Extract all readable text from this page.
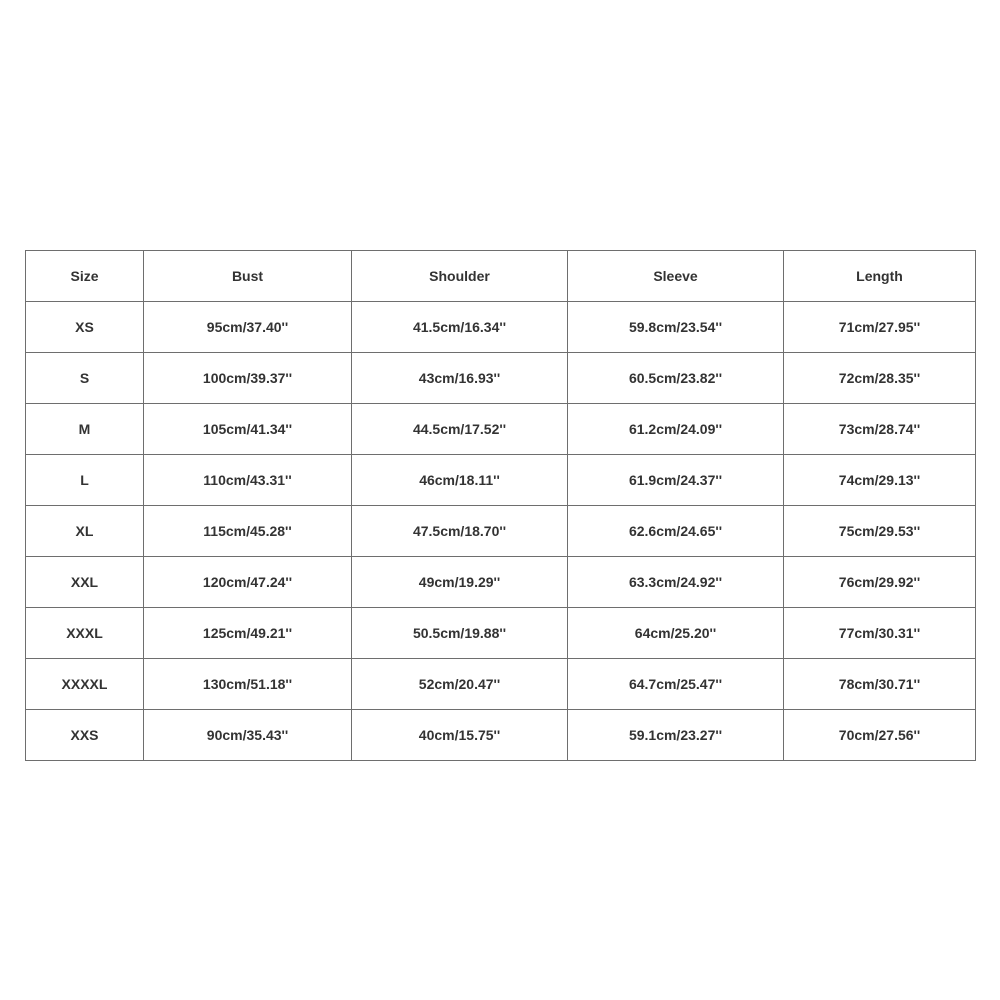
Size	Bust	Shoulder	Sleeve	Length
XS	95cm/37.40''	41.5cm/16.34''	59.8cm/23.54''	71cm/27.95''
S	100cm/39.37''	43cm/16.93''	60.5cm/23.82''	72cm/28.35''
M	105cm/41.34''	44.5cm/17.52''	61.2cm/24.09''	73cm/28.74''
L	110cm/43.31''	46cm/18.11''	61.9cm/24.37''	74cm/29.13''
XL	115cm/45.28''	47.5cm/18.70''	62.6cm/24.65''	75cm/29.53''
XXL	120cm/47.24''	49cm/19.29''	63.3cm/24.92''	76cm/29.92''
XXXL	125cm/49.21''	50.5cm/19.88''	64cm/25.20''	77cm/30.31''
XXXXL	130cm/51.18''	52cm/20.47''	64.7cm/25.47''	78cm/30.71''
XXS	90cm/35.43''	40cm/15.75''	59.1cm/23.27''	70cm/27.56''
